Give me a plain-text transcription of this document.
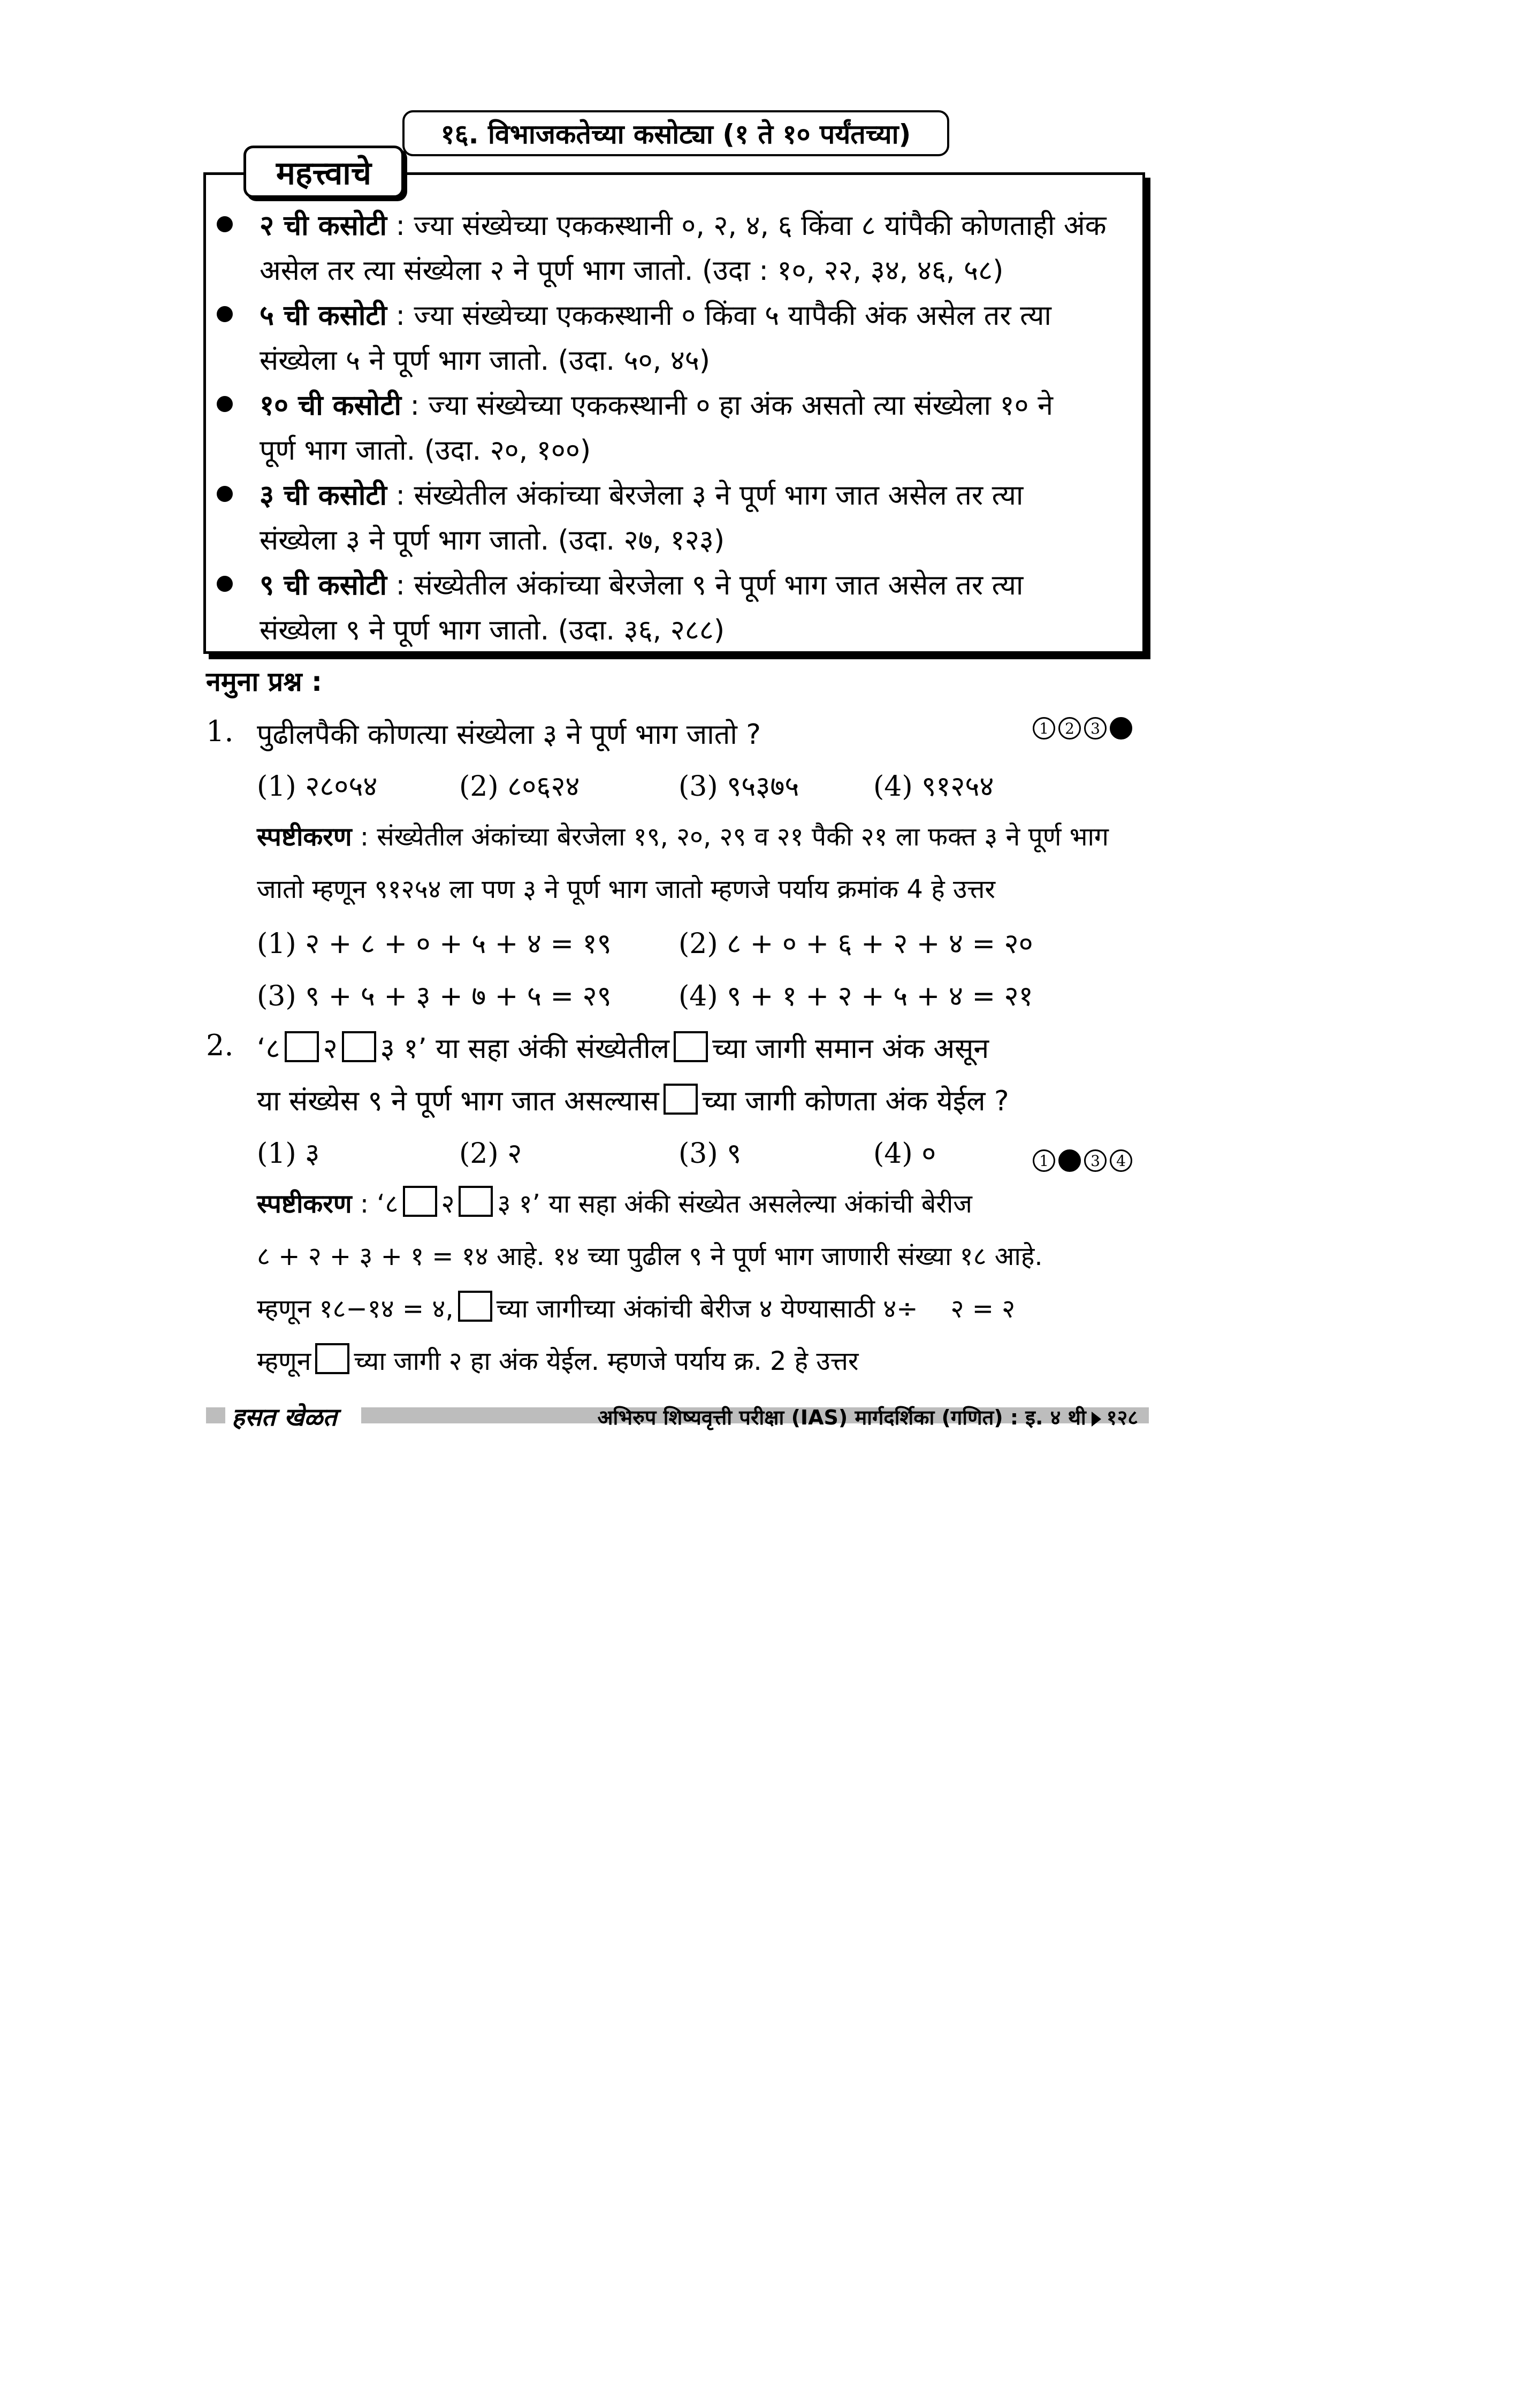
१६. विभाजकतेच्या कसोट्या (१ ते १० पर्यंतच्या)
महत्त्वाचे
२ ची कसोटी : ज्या संख्येच्या एककस्थानी ०, २, ४, ६ किंवा ८ यांपैकी कोणताही अंक
असेल तर त्या संख्येला २ ने पूर्ण भाग जातो. (उदा : १०, २२, ३४, ४६, ५८)
५ ची कसोटी : ज्या संख्येच्या एककस्थानी ० किंवा ५ यापैकी अंक असेल तर त्या
संख्येला ५ ने पूर्ण भाग जातो. (उदा. ५०, ४५)
१० ची कसोटी : ज्या संख्येच्या एककस्थानी ० हा अंक असतो त्या संख्येला १० ने
पूर्ण भाग जातो. (उदा. २०, १००)
३ ची कसोटी : संख्येतील अंकांच्या बेरजेला ३ ने पूर्ण भाग जात असेल तर त्या
संख्येला ३ ने पूर्ण भाग जातो. (उदा. २७, १२३)
९ ची कसोटी : संख्येतील अंकांच्या बेरजेला ९ ने पूर्ण भाग जात असेल तर त्या
संख्येला ९ ने पूर्ण भाग जातो. (उदा. ३६, २८८)
नमुना प्रश्न :
1. पुढीलपैकी कोणत्या संख्येला ३ ने पूर्ण भाग जातो ?	1	2	3
(1) २८०५४	(2) ८०६२४	(3) ९५३७५	(4) ९१२५४
स्पष्टीकरण : संख्येतील अंकांच्या बेरजेला १९, २०, २९ व २१ पैकी २१ ला फक्त ३ ने पूर्ण भाग
जातो म्हणून ९१२५४ ला पण ३ ने पूर्ण भाग जातो म्हणजे पर्याय क्रमांक 4 हे उत्तर
(1) २ + ८ + ० + ५ + ४ = १९ (2) ८ + ० + ६ + २ + ४ = २०
(3) ९ + ५ + ३ + ७ + ५ = २९ (4) ९ + १ + २ + ५ + ४ = २१
2. ‘८ २ ३ १’ या सहा अंकी संख्येतील च्या जागी समान अंक असून
या संख्येस ९ ने पूर्ण भाग जात असल्यास च्या जागी कोणता अंक येईल ?
(1) ३	(2) २	(3) ९	(4) ०	1	3	4
स्पष्टीकरण : ‘८ २ ३ १’ या सहा अंकी संख्येत असलेल्या अंकांची बेरीज
८ + २ + ३ + १ = १४ आहे. १४ च्या पुढील ९ ने पूर्ण भाग जाणारी संख्या १८ आहे.
म्हणून १८−१४ = ४, च्या जागीच्या अंकांची बेरीज ४ येण्यासाठी ४÷ २ = २
म्हणून च्या जागी २ हा अंक येईल. म्हणजे पर्याय क्र. 2 हे उत्तर
हसत खेळत	अभिरुप शिष्यवृत्ती परीक्षा (IAS) मार्गदर्शिका (गणित) : इ. ४ थी १२८
